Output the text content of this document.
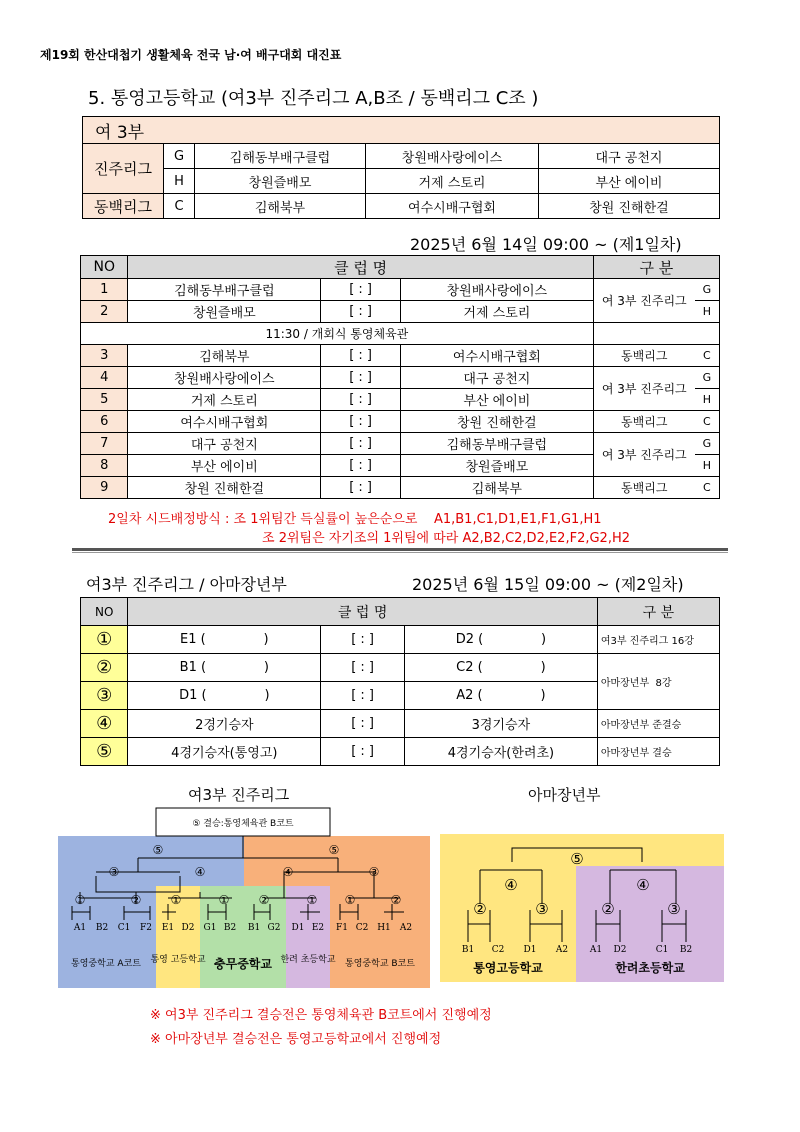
제19회 한산대첩기 생활체육 전국 남·여 배구대회 대진표
5. 통영고등학교 (여3부 진주리그 A,B조 / 동백리그 C조 )
여 3부				
진주리그	G	김해동부배구클럽	창원배사랑에이스	대구 공천지
	H	창원즐배모	거제 스토리	부산 에이비
동백리그	C	김해북부	여수시배구협회	창원 진해한걸
2025년 6월 14일 09:00 ~ (제1일차)
NO	클 럽 명			구 분	
1	김해동부배구클럽	[ : ]	창원배사랑에이스	여 3부 진주리그	G
2	창원즐배모	[ : ]	거제 스토리		H
11:30 / 개회식 통영체육관					
3	김해북부	[ : ]	여수시배구협회	동백리그	C
4	창원배사랑에이스	[ : ]	대구 공천지	여 3부 진주리그	G
5	거제 스토리	[ : ]	부산 에이비		H
6	여수시배구협회	[ : ]	창원 진해한걸	동백리그	C
7	대구 공천지	[ : ]	김해동부배구클럽	여 3부 진주리그	G
8	부산 에이비	[ : ]	창원즐배모		H
9	창원 진해한걸	[ : ]	김해북부	동백리그	C
2일차 시드배정방식 : 조 1위팀간 득실률이 높은순으로    A1,B1,C1,D1,E1,F1,G1,H1
조 2위팀은 자기조의 1위팀에 따라 A2,B2,C2,D2,E2,F2,G2,H2
여3부 진주리그 / 아마장년부	2025년 6월 15일 09:00 ~ (제2일차)
NO	클 럽 명			구 분
①	E1 (              )	[ : ]	D2 (              )	여3부 진주리그 16강
②	B1 (              )	[ : ]	C2 (              )	아마장년부  8강
③	D1 (              )	[ : ]	A2 (              )	
④	2경기승자	[ : ]	3경기승자	아마장년부 준결승
⑤	4경기승자(통영고)	[ : ]	4경기승자(한려초)	아마장년부 결승
여3부 진주리그	아마장년부
⑤ 결승:통영체육관 B코트
⑤	⑤
③	④	④	③
①	② ①	① ②	① ①	②
A1 B2 C1 F2 E1 D2 G1 B2 B1 G2 D1 E2 F1 C2 H1 A2
통영중학교 A코트 통영 고등학교 충무중학교 한려 초등학교 통영중학교 B코트
⑤
④	④
②	③	②	③
B1 C2 D1 A2 A1 D2	C1 B2
통영고등학교	한려초등학교
※ 여3부 진주리그 결승전은 통영체육관 B코트에서 진행예정
※ 아마장년부 결승전은 통영고등학교에서 진행예정
